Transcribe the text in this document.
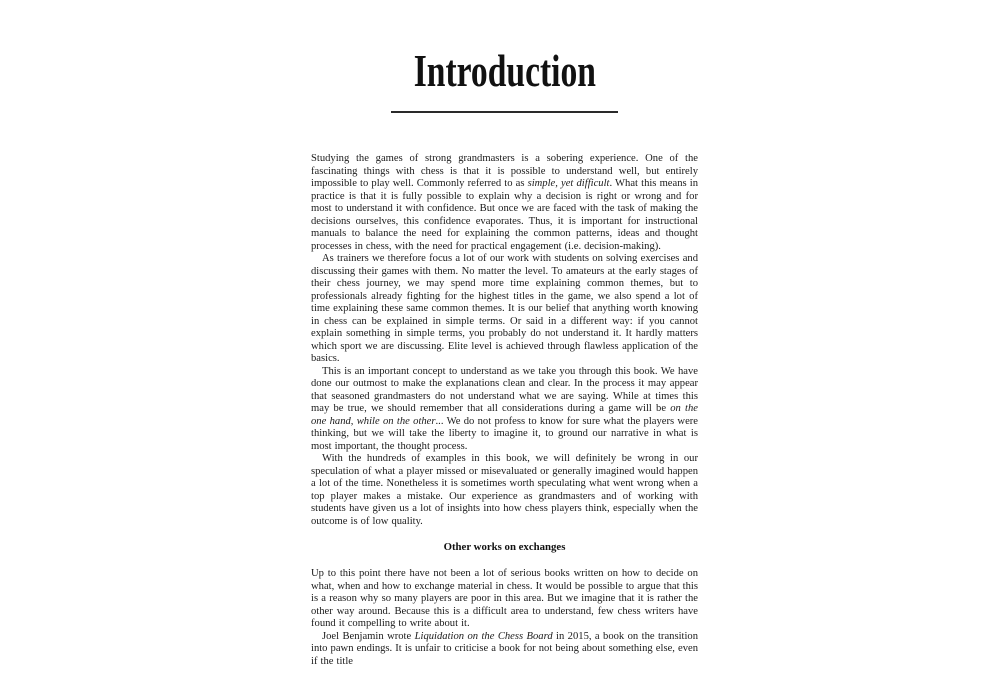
Introduction

Studying the games of strong grandmasters is a sobering experience. One of the fascinating things with chess is that it is possible to understand well, but entirely impossible to play well. Commonly referred to as simple, yet difficult. What this means in practice is that it is fully possible to explain why a decision is right or wrong and for most to understand it with confidence. But once we are faced with the task of making the decisions ourselves, this confidence evaporates. Thus, it is important for instructional manuals to balance the need for explaining the common patterns, ideas and thought processes in chess, with the need for practical engagement (i.e. decision-making).

As trainers we therefore focus a lot of our work with students on solving exercises and discussing their games with them. No matter the level. To amateurs at the early stages of their chess journey, we may spend more time explaining common themes, but to professionals already fighting for the highest titles in the game, we also spend a lot of time explaining these same common themes. It is our belief that anything worth knowing in chess can be explained in simple terms. Or said in a different way: if you cannot explain something in simple terms, you probably do not understand it. It hardly matters which sport we are discussing. Elite level is achieved through flawless application of the basics.

This is an important concept to understand as we take you through this book. We have done our outmost to make the explanations clean and clear. In the process it may appear that seasoned grandmasters do not understand what we are saying. While at times this may be true, we should remember that all considerations during a game will be on the one hand, while on the other... We do not profess to know for sure what the players were thinking, but we will take the liberty to imagine it, to ground our narrative in what is most important, the thought process.

With the hundreds of examples in this book, we will definitely be wrong in our speculation of what a player missed or misevaluated or generally imagined would happen a lot of the time. Nonetheless it is sometimes worth speculating what went wrong when a top player makes a mistake. Our experience as grandmasters and of working with students have given us a lot of insights into how chess players think, especially when the outcome is of low quality.

Other works on exchanges

Up to this point there have not been a lot of serious books written on how to decide on what, when and how to exchange material in chess. It would be possible to argue that this is a reason why so many players are poor in this area. But we imagine that it is rather the other way around. Because this is a difficult area to understand, few chess writers have found it compelling to write about it.

Joel Benjamin wrote Liquidation on the Chess Board in 2015, a book on the transition into pawn endings. It is unfair to criticise a book for not being about something else, even if the title
